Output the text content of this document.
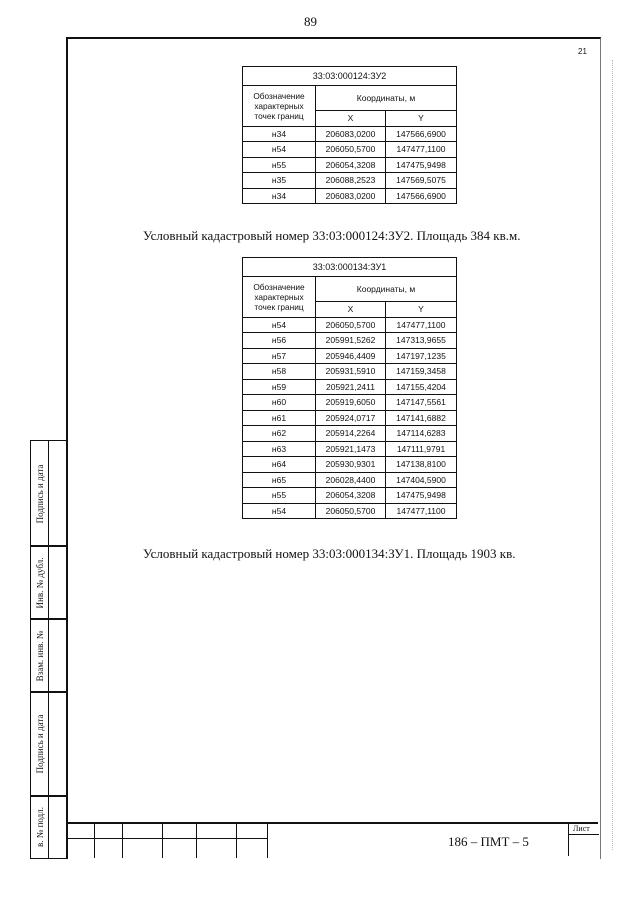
89
21
33:03:000124:ЗУ2		
Обозначение характерных точек границ	Координаты, м	
	X	Y
н34	206083,0200	147566,6900
н54	206050,5700	147477,1100
н55	206054,3208	147475,9498
н35	206088,2523	147569,5075
н34	206083,0200	147566,6900
Условный кадастровый номер 33:03:000124:ЗУ2. Площадь 384 кв.м.
33:03:000134:ЗУ1		
Обозначение характерных точек границ	Координаты, м	
	X	Y
н54	206050,5700	147477,1100
н56	205991,5262	147313,9655
н57	205946,4409	147197,1235
н58	205931,5910	147159,3458
н59	205921,2411	147155,4204
н60	205919,6050	147147,5561
н61	205924,0717	147141,6882
н62	205914,2264	147114,6283
н63	205921,1473	147111,9791
н64	205930,9301	147138,8100
н65	206028,4400	147404,5900
н55	206054,3208	147475,9498
н54	206050,5700	147477,1100
Условный кадастровый номер 33:03:000134:ЗУ1. Площадь 1903 кв.
Подпись и дата
Инв. № дубл.
Взам. инв. №
Подпись и дата
в. № подл.	186 – ПМТ – 5
Лист
